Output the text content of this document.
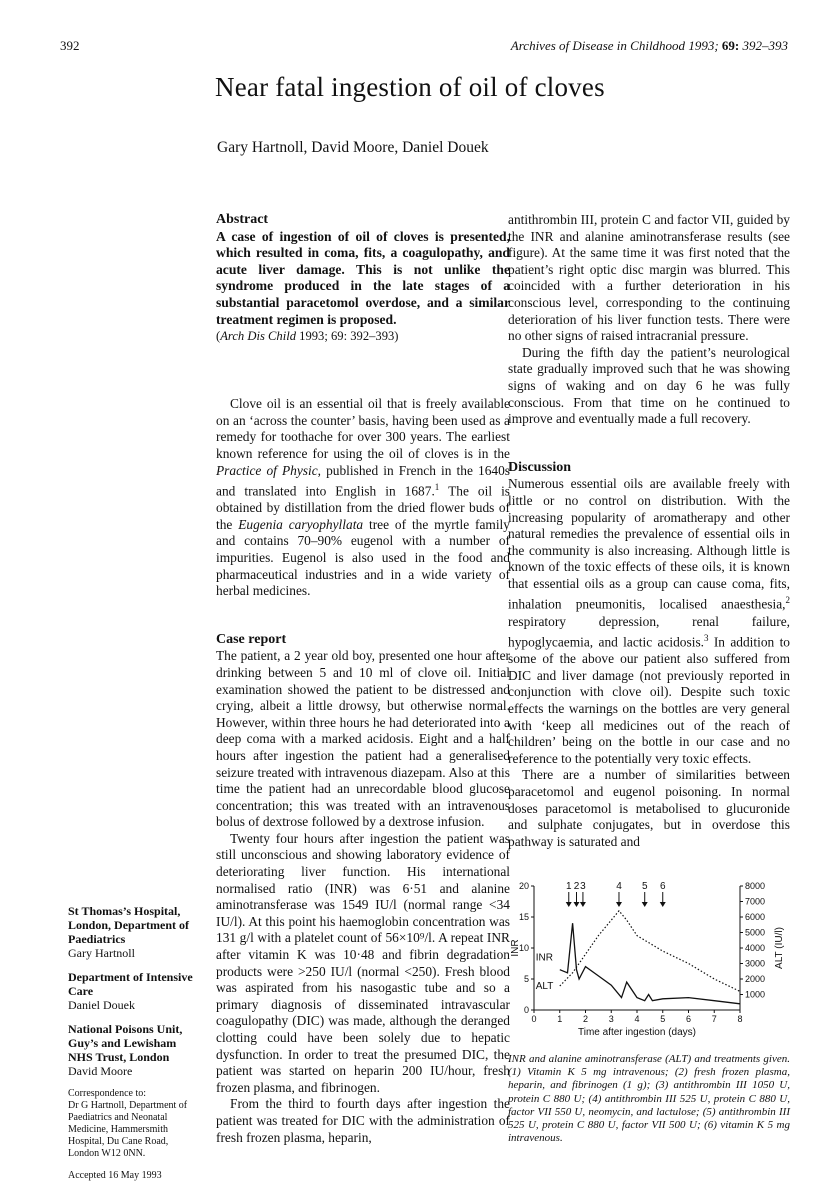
392	Archives of Disease in Childhood 1993; 69: 392–393
Near fatal ingestion of oil of cloves
Gary Hartnoll, David Moore, Daniel Douek
Abstract
A case of ingestion of oil of cloves is presented, which resulted in coma, fits, a coagulopathy, and acute liver damage. This is not unlike the syndrome produced in the late stages of a substantial paracetomol overdose, and a similar treatment regimen is proposed.
(Arch Dis Child 1993; 69: 392–393)

Clove oil is an essential oil that is freely available on an ‘across the counter’ basis, having been used as a remedy for toothache for over 300 years. The earliest known reference for using the oil of cloves is in the Practice of Physic, published in French in the 1640s and translated into English in 1687.$^1$ The oil is obtained by distillation from the dried flower buds of the Eugenia caryophyllata tree of the myrtle family and contains 70–90% eugenol with a number of impurities. Eugenol is also used in the food and pharmaceutical industries and in a wide variety of herbal medicines.

Case report

The patient, a 2 year old boy, presented one hour after drinking between 5 and 10 ml of clove oil. Initial examination showed the patient to be distressed and crying, albeit a little drowsy, but otherwise normal. However, within three hours he had deteriorated into a deep coma with a marked acidosis. Eight and a half hours after ingestion the patient had a generalised seizure treated with intravenous diazepam. Also at this time the patient had an unrecordable blood glucose concentration; this was treated with an intravenous bolus of dextrose followed by a dextrose infusion.

Twenty four hours after ingestion the patient was still unconscious and showing laboratory evidence of deteriorating liver function. His international normalised ratio (INR) was 6·51 and alanine aminotransferase was 1549 IU/l (normal range <34 IU/l). At this point his haemoglobin concentration was 131 g/l with a platelet count of 56×10⁹/l. A repeat INR after vitamin K was 10·48 and fibrin degradation products were >250 IU/l (normal <250). Fresh blood was aspirated from his nasogastic tube and so a primary diagnosis of disseminated intravascular coagulopathy (DIC) was made, although the deranged clotting could have been solely due to hepatic dysfunction. In order to treat the presumed DIC, the patient was started on heparin 200 IU/hour, fresh frozen plasma, and fibrinogen.

From the third to fourth days after ingestion the patient was treated for DIC with the administration of fresh frozen plasma, heparin,

antithrombin III, protein C and factor VII, guided by the INR and alanine aminotransferase results (see figure). At the same time it was first noted that the patient’s right optic disc margin was blurred. This coincided with a further deterioration in his conscious level, corresponding to the continuing deterioration of his liver function tests. There were no other signs of raised intracranial pressure.

During the fifth day the patient’s neurological state gradually improved such that he was showing signs of waking and on day 6 he was fully conscious. From that time on he continued to improve and eventually made a full recovery.

Discussion

Numerous essential oils are available freely with little or no control on distribution. With the increasing popularity of aromatherapy and other natural remedies the prevalence of essential oils in the community is also increasing. Although little is known of the toxic effects of these oils, it is known that essential oils as a group can cause coma, fits, inhalation pneumonitis, localised anaesthesia,$^2$ respiratory depression, renal failure, hypoglycaemia, and lactic acidosis.$^3$ In addition to some of the above our patient also suffered from DIC and liver damage (not previously reported in conjunction with clove oil). Despite such toxic effects the warnings on the bottles are very general with ‘keep all medicines out of the reach of children’ being on the bottle in our case and no reference to the potentially very toxic effects.

There are a number of similarities between paracetomol and eugenol poisoning. In normal doses paracetomol is metabolised to glucuronide and sulphate conjugates, but in overdose this pathway is saturated and

St Thomas’s Hospital, London, Department of Paediatrics
Gary Hartnoll
Department of Intensive Care
Daniel Douek
National Poisons Unit, Guy’s and Lewisham NHS Trust, London
David Moore
Correspondence to:
Dr G Hartnoll, Department of Paediatrics and Neonatal Medicine, Hammersmith Hospital, Du Cane Road, London W12 0NN.
Accepted 16 May 1993
0 1 2 3 4 5 6 7 8
Time after ingestion (days)
0
5
10
15
20
INR
1000
2000
3000
4000
5000
6000
7000
8000
ALT (IU/l)
INR
ALT
1 2 3	4 5 6
INR and alanine aminotransferase (ALT) and treatments given. (1) Vitamin K 5 mg intravenous; (2) fresh frozen plasma, heparin, and fibrinogen (1 g); (3) antithrombin III 1050 U, protein C 880 U; (4) antithrombin III 525 U, protein C 880 U, factor VII 550 U, neomycin, and lactulose; (5) antithrombin III 525 U, protein C 880 U, factor VII 500 U; (6) vitamin K 5 mg intravenous.
